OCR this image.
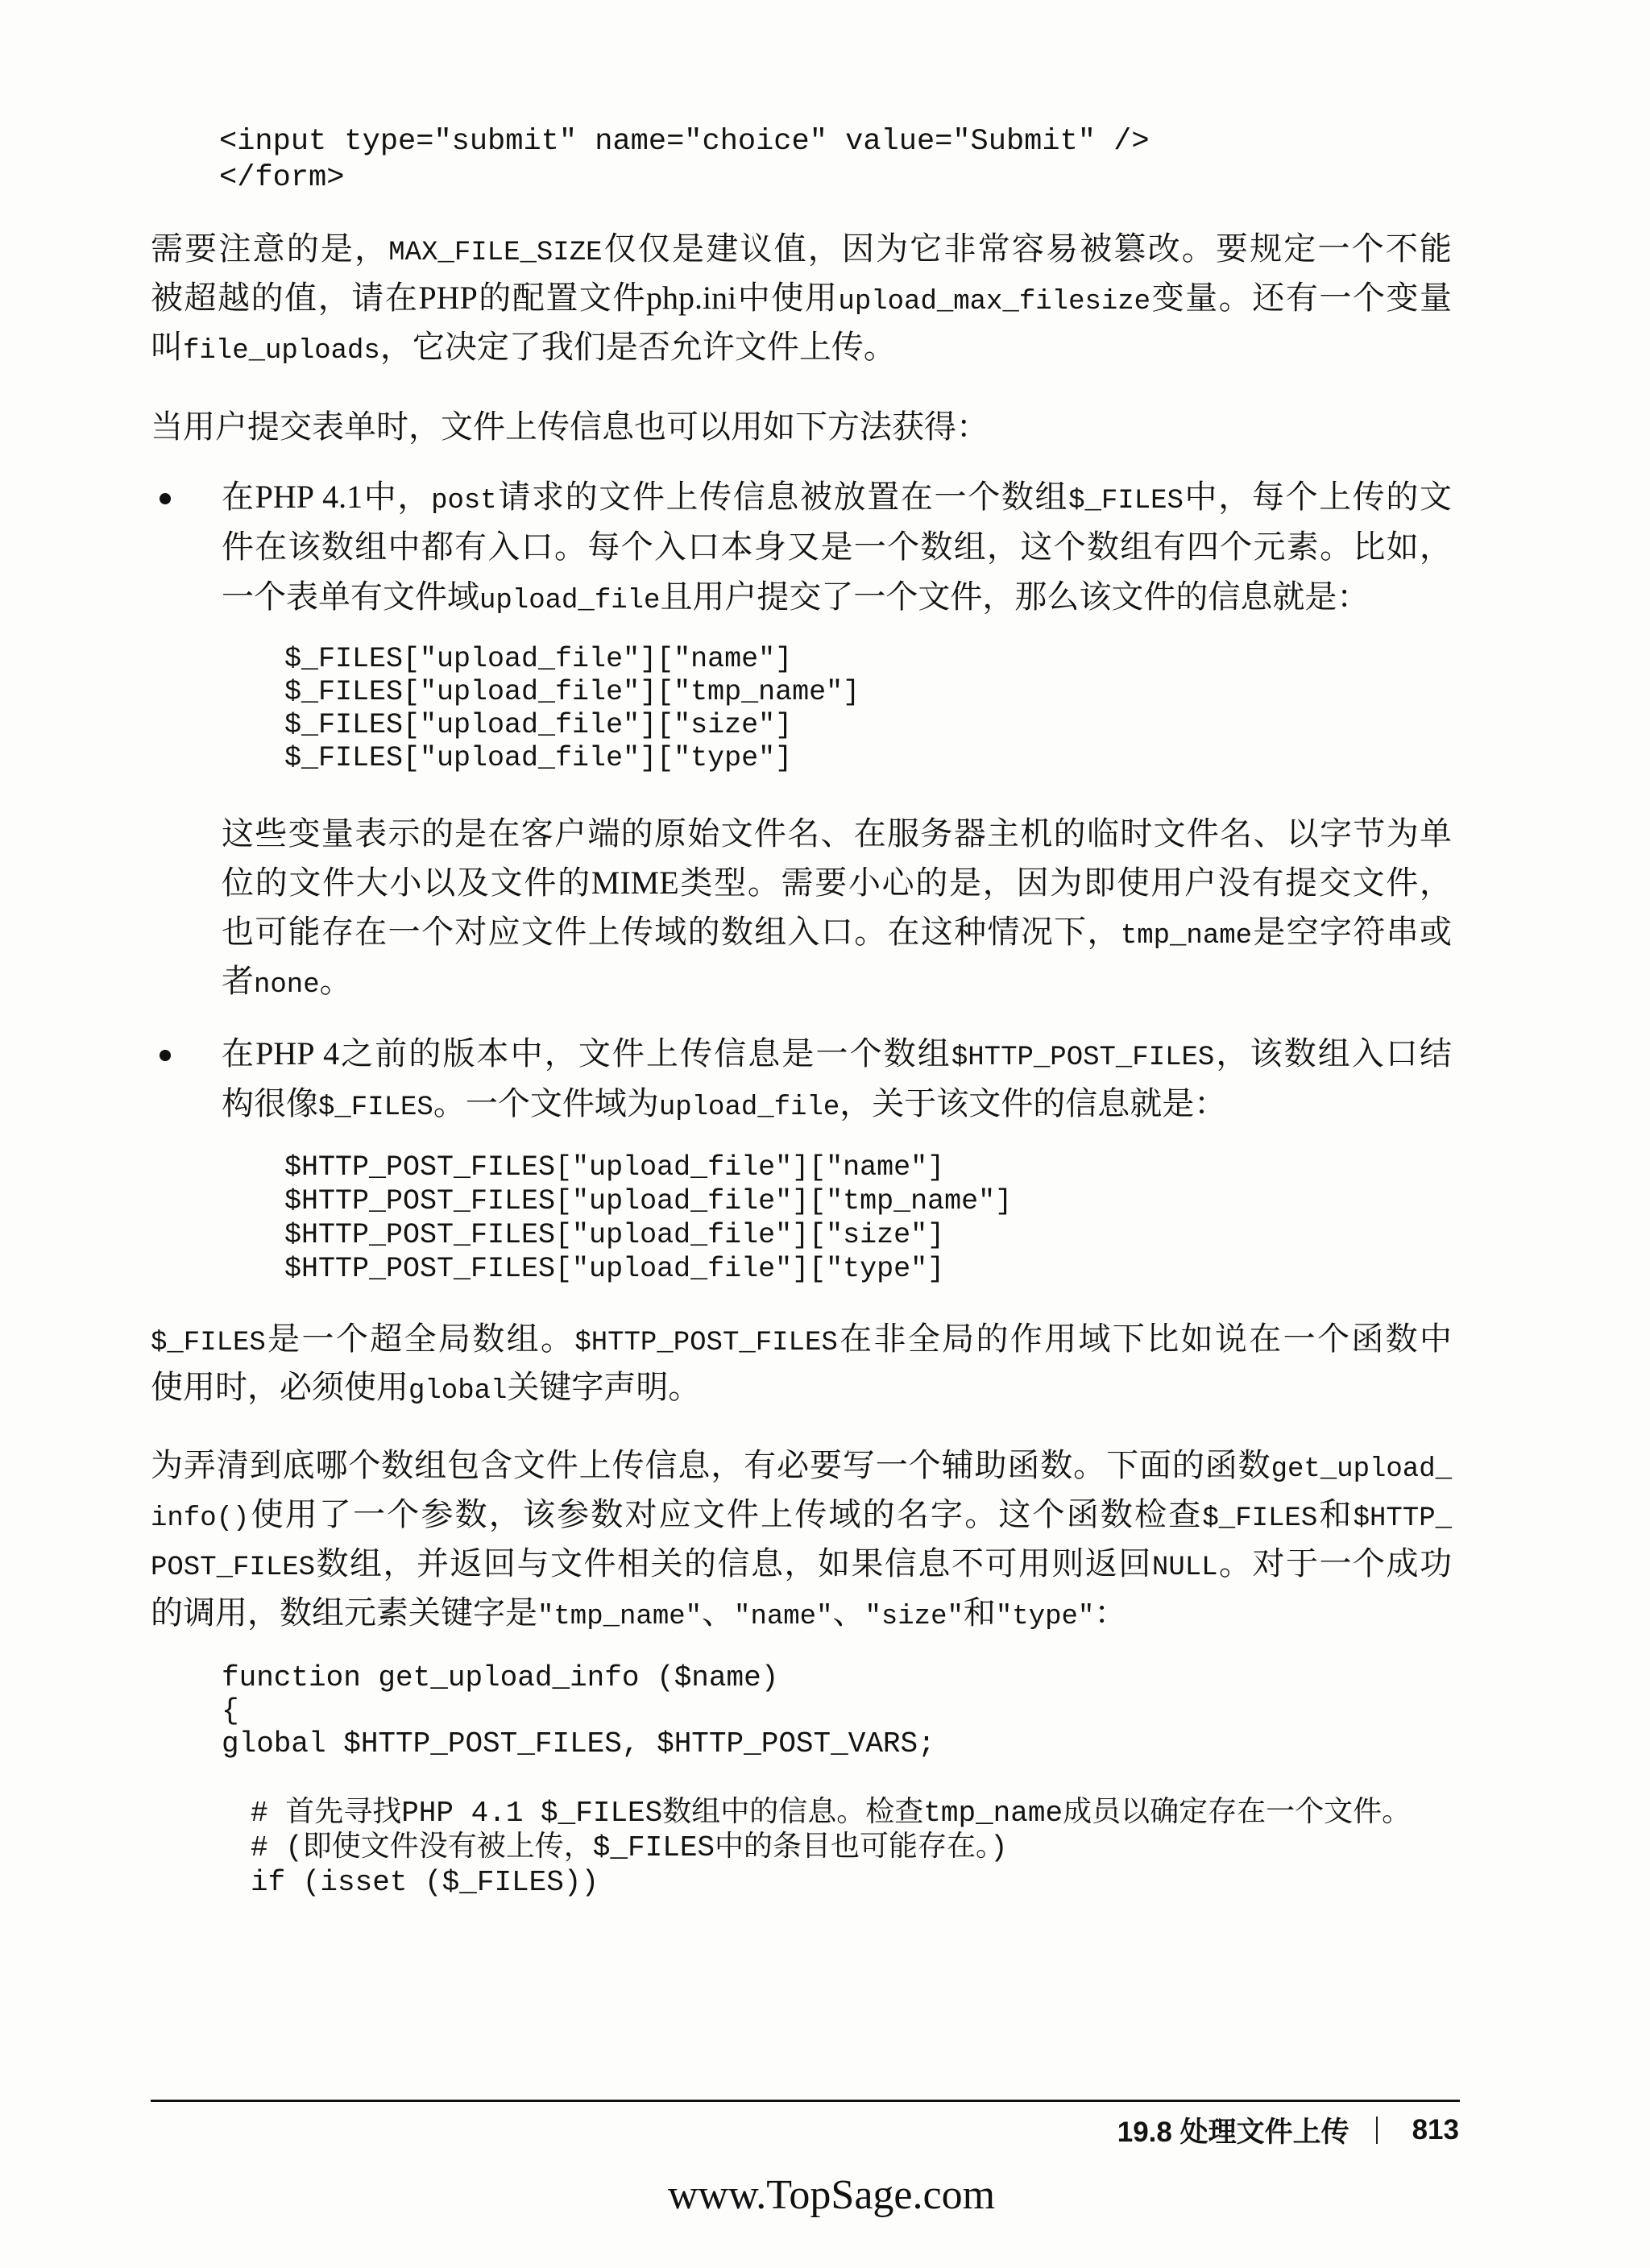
<input type="submit" name="choice" value="Submit" />
</form>
需要注意的是，MAX_FILE_SIZE仅仅是建议值，因为它非常容易被篡改。要规定一个不能
被超越的值，请在PHP的配置文件php.ini中使用upload_max_filesize变量。还有一个变量
叫file_uploads，它决定了我们是否允许文件上传。
当用户提交表单时，文件上传信息也可以用如下方法获得：
在PHP 4.1中，post请求的文件上传信息被放置在一个数组$_FILES中，每个上传的文
件在该数组中都有入口。每个入口本身又是一个数组，这个数组有四个元素。比如，
一个表单有文件域upload_file且用户提交了一个文件，那么该文件的信息就是：
$_FILES["upload_file"]["name"]
$_FILES["upload_file"]["tmp_name"]
$_FILES["upload_file"]["size"]
$_FILES["upload_file"]["type"]
这些变量表示的是在客户端的原始文件名、在服务器主机的临时文件名、以字节为单
位的文件大小以及文件的MIME类型。需要小心的是，因为即使用户没有提交文件，
也可能存在一个对应文件上传域的数组入口。在这种情况下，tmp_name是空字符串或
者none。
在PHP 4之前的版本中，文件上传信息是一个数组$HTTP_POST_FILES，该数组入口结
构很像$_FILES。一个文件域为upload_file，关于该文件的信息就是：
$HTTP_POST_FILES["upload_file"]["name"]
$HTTP_POST_FILES["upload_file"]["tmp_name"]
$HTTP_POST_FILES["upload_file"]["size"]
$HTTP_POST_FILES["upload_file"]["type"]
$_FILES是一个超全局数组。$HTTP_POST_FILES在非全局的作用域下比如说在一个函数中
使用时，必须使用global关键字声明。
为弄清到底哪个数组包含文件上传信息，有必要写一个辅助函数。下面的函数get_upload_
info()使用了一个参数，该参数对应文件上传域的名字。这个函数检查$_FILES和$HTTP_
POST_FILES数组，并返回与文件相关的信息，如果信息不可用则返回NULL。对于一个成功
的调用，数组元素关键字是"tmp_name"、"name"、"size"和"type"：
function get_upload_info ($name)
{
global $HTTP_POST_FILES, $HTTP_POST_VARS;
# 首先寻找PHP 4.1 $_FILES数组中的信息。检查tmp_name成员以确定存在一个文件。
# (即使文件没有被上传，$_FILES中的条目也可能存在。)
if (isset ($_FILES))
19.8 处理文件上传 813
www.TopSage.com
